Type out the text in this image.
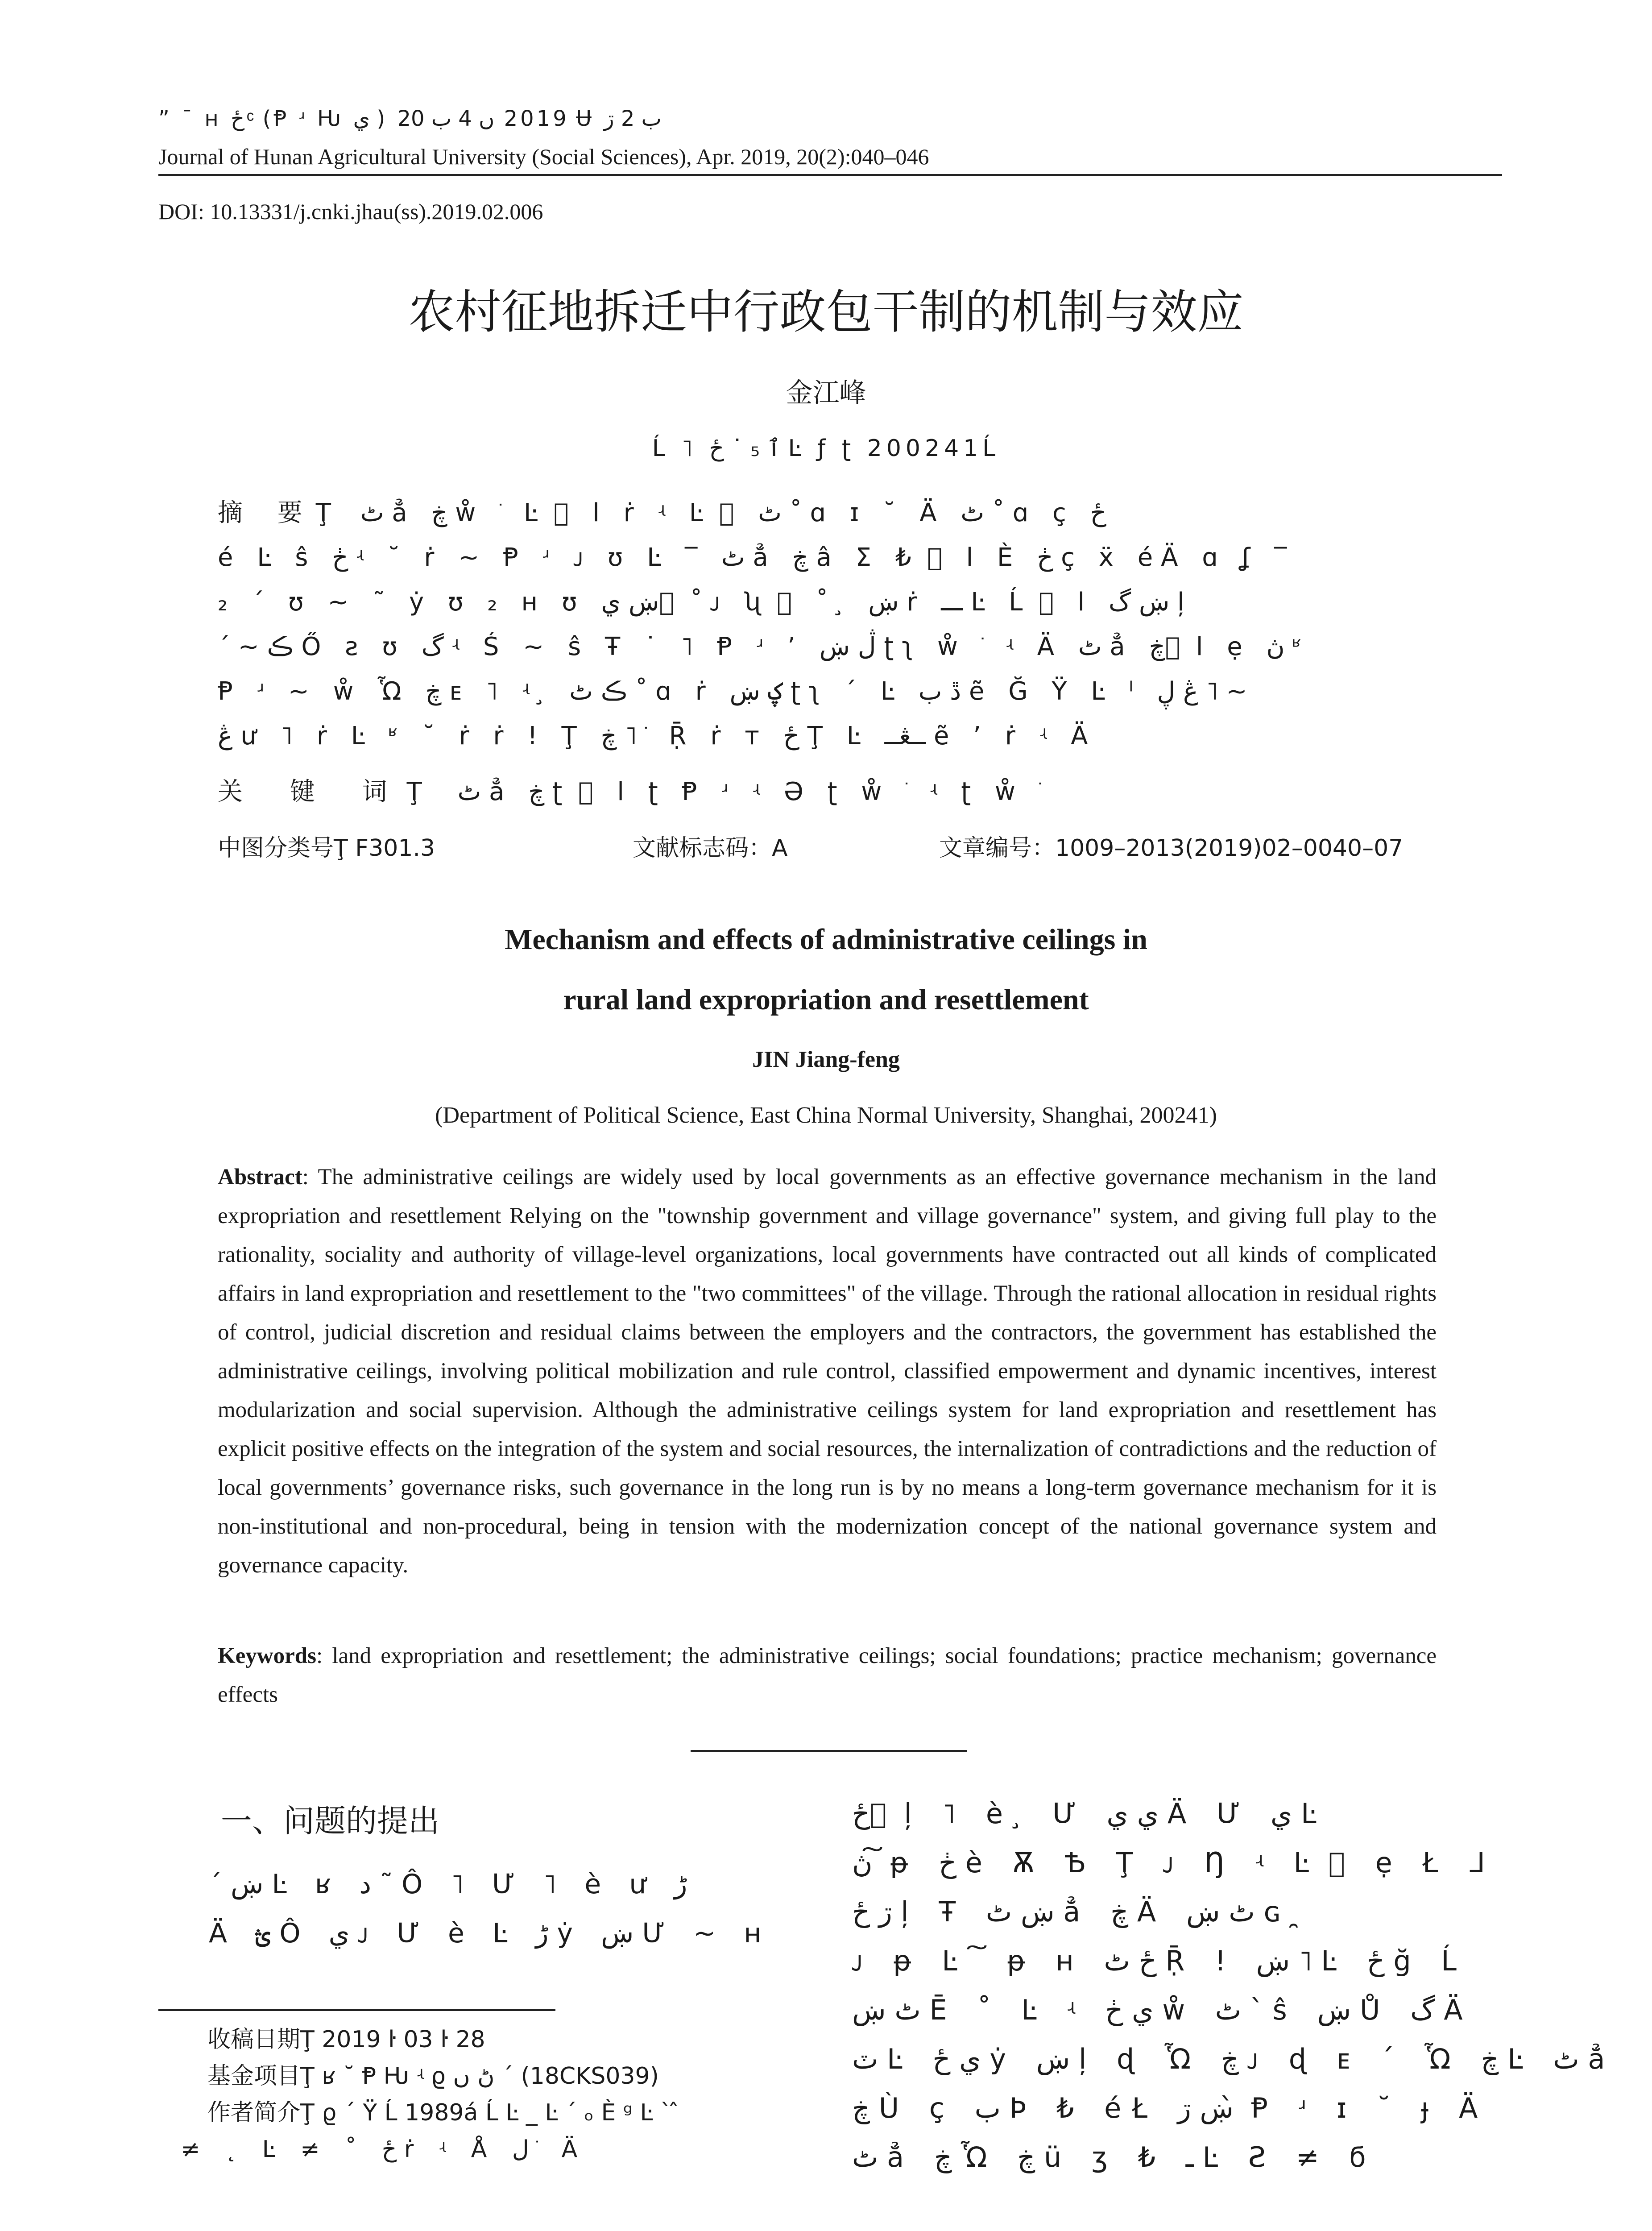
” ¯ ʜ ځ ͨ (Ᵽ ʴ Ƕ ي ) 2019 ں 4 ب 20 Ʉ ب 2 ڗ
Journal of Hunan Agricultural University (Social Sciences), Apr. 2019, 20(2):040–046
DOI: 10.13331/j.cnki.jhau(ss).2019.02.006
农村征地拆迁中行政包干制的机制与效应
金江峰
Ĺ ˥ ٱ ₅ ˙ ځ Ŀ ƒ ʈ 200241Ĺ
摘 要Ţ ٹ ẳ ڿ ẘ ֺ Ŀ ⃞ l ṙ ʵ Ŀ ⃞ ٹ ˚ ɑ ɪ ˘ Ä ٹ ˚ ɑ ç ځ
é Ŀ ŝ ڂ ʵ ˘ ṙ ~ Ᵽ ʴ ᴊ ʊ Ŀ ‾ ٹ ẳ ڿ â Σ ₺ ⃞ l È ڂ ç ẍ éÄ ɑ ʆ ‾
₂ ˊ ʊ ~ ˜ ẏ ʊ ₂ ʜ ʊ ښ ي ⃞ ˚ ᴊ ʯ ⃞ ˚ ̧ ښ ṙ ـــ Ŀ Ĺ ⃞ l ښ گ ļ
ˊ ~ ڪ Ő ƨ ʊ گ ʵ Ś ~ ŝ Ŧ ˙ ˥ Ᵽ ʴ ʼ ڷ ښ ʈʅ ẘ ֺ ʵ Ä ٹ ẳ ڿ ⃞ l ẹ ڽ ʶ
Ᵽ ʴ ~ ẘ Ὧ ڿ ᴇ ˥ ʵ ̧ ڪ ٹ ˚ ɑ ṙ ؼ ښ ʈʅ ˊ Ŀ ڐ ب ẽ Ğ Ÿ Ŀ ˡ ڠ ڸ ˥ ~
ڠ ư ˥ ṙ Ŀ ʶ ˘ ṙ ṙ ! Ţ ڿ ˥ ֺ Ṝ ṙ ᴛ ځ Ţ Ŀ ــڠــ ẽ ʼ ṙ ʵ Ä
关 键 词Ţ ٹ ẳ ڿ ʈ ⃞ l ʈ Ᵽ ʴ ʵ Ə ʈ ẘ ֺ ʵ ʈ ẘ ֺ
中图分类号Ţ F301.3	文献标志码：A	文章编号：1009–2013(2019)02–0040–07
Mechanism and effects of administrative ceilings in
rural land expropriation and resettlement
JIN Jiang-feng
(Department of Political Science, East China Normal University, Shanghai, 200241)

Abstract: The administrative ceilings are widely used by local governments as an effective governance mechanism in the land expropriation and resettlement Relying on the "township government and village governance" system, and giving full play to the rationality, sociality and authority of village-level organizations, local governments have contracted out all kinds of complicated affairs in land expropriation and resettlement to the "two committees" of the village. Through the rational allocation in residual rights of control, judicial discretion and residual claims between the employers and the contractors, the government has established the administrative ceilings, involving political mobilization and rule control, classified empowerment and dynamic incentives, interest modularization and social supervision. Although the administrative ceilings system for land expropriation and resettlement has explicit positive effects on the integration of the system and social resources, the internalization of contradictions and the reduction of local governments’ governance risks, such governance in the long run is by no means a long-term governance mechanism for it is non-institutional and non-procedural, being in tension with the modernization concept of the national governance system and governance capacity.

Keywords: land expropriation and resettlement; the administrative ceilings; social foundations; practice mechanism; governance effects

一、问题的提出
ˊ ښ Ŀ ʁ د ˜ Ô ˥ Ư ˥ è ư ڑ
Ä ؿ Ô ي ᴊ Ư è Ŀ ڑ ẏ ښ Ư ~ ʜ
收稿日期Ţ 2019 ŀ 03 ŀ 28
基金项目Ţ ʁ ˘ Ᵽ Ƕ ʵ ϱ ڻ ں ˊ (18CKS039)
作者简介Ţ ϱ ˊ Ÿ Ĺ 1989á Ĺ Ŀ _ Ŀ ˊ ₒ È ᵍ Ŀ ˋ ̂
≠ ˛ Ŀ ≠ ˚ ځ ṙ ʵ Å ﻝ ֺ Ä
ځ ⃞ ļ ˥ è ̧ Ư ي ي Ä Ư ي Ŀ
ڽ ͠ ᵽ ڂ è Ѫ Ѣ Ţ ᴊ Ŋ ʵ Ŀ ⃞ ẹ Ł ᒧ
ڗ ځ ļ Ŧ ښ ٹ ẳ ڿ Ä ٹ ښ ɢ ̯
ᴊ ᵽ Ŀ ͠ ᵽ ʜ ځ ٹ Ṝ ! ښ ˥ Ŀ ځ ğ Ĺ
ٹ ښ Ē ˚ Ŀ ʵ ي ڂ ẘ ٹ ˋ ŝ ښ Ů گ Ä
ٽ Ŀ ي ځ ẏ ښ ļ ɖ Ὧ ڿ ᴊ ɖ ᴇ ˊ Ὧ ڿ Ŀ ٹ ẳ
ڿ Ù ç ب Þ ₺ éŁ ښ ڗ ̀ Ᵽ ʴ ɪ ˘ ɟ Ä
ٹ ẳ ڿ Ὧ ڿ ü ʒ ₺ ـ Ŀ Ƨ ≠ ϭ
